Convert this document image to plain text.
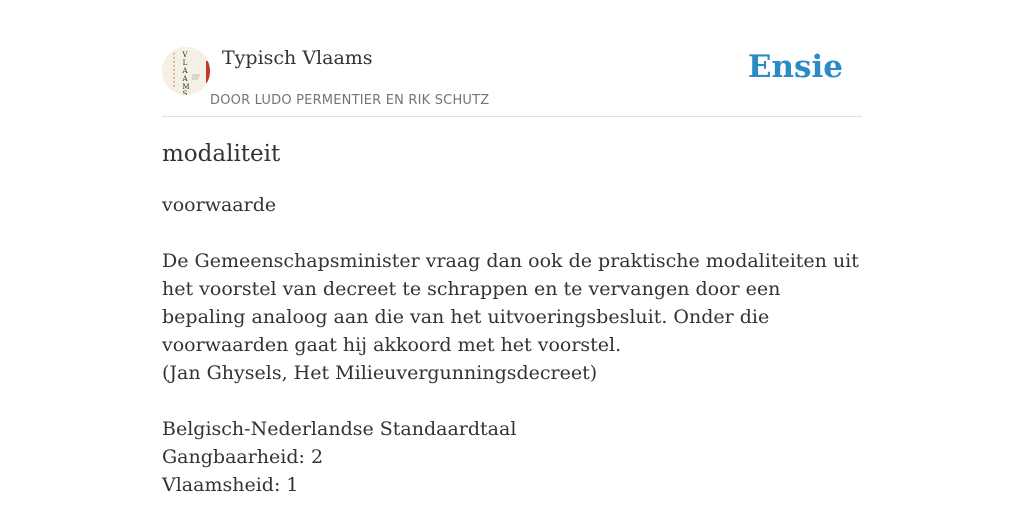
V
L
A
A
M
S
Typisch Vlaams
DOOR LUDO PERMENTIER EN RIK SCHUTZ
Ensie
modaliteit
voorwaarde

De Gemeenschapsminister vraag dan ook de praktische modaliteiten uit het voorstel van decreet te schrappen en te vervangen door een bepaling analoog aan die van het uitvoeringsbesluit. Onder die voorwaarden gaat hij akkoord met het voorstel.

(Jan Ghysels, Het Milieuvergunningsdecreet)

Belgisch-Nederlandse Standaardtaal
Gangbaarheid: 2
Vlaamsheid: 1
